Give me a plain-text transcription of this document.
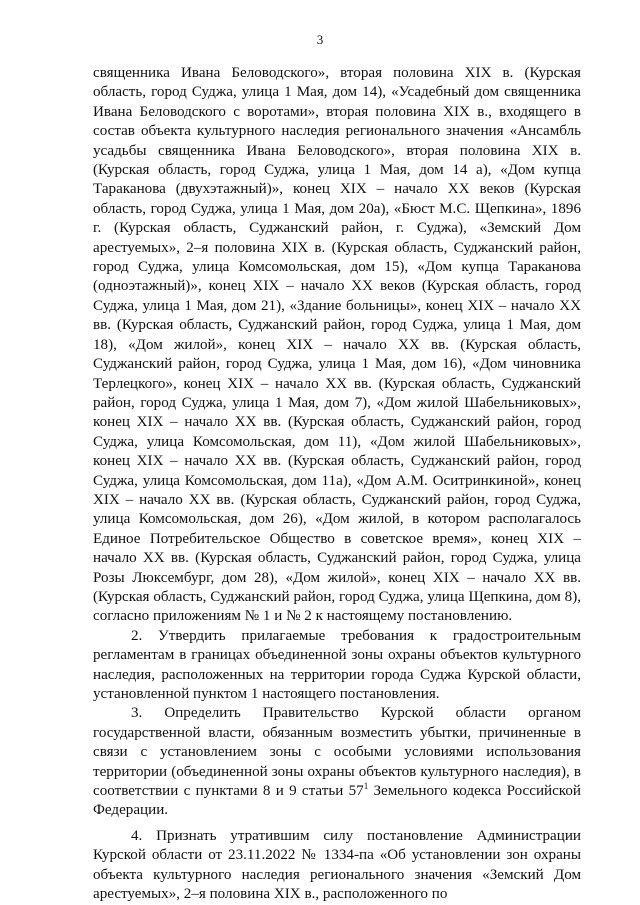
3

священника Ивана Беловодского», вторая половина XIX в. (Курская область, город Суджа, улица 1 Мая, дом 14), «Усадебный дом священника Ивана Беловодского с воротами», вторая половина XIX в., входящего в состав объекта культурного наследия регионального значения «Ансамбль усадьбы священника Ивана Беловодского», вторая половина XIX в. (Курская область, город Суджа, улица 1 Мая, дом 14 а), «Дом купца Тараканова (двухэтажный)», конец XIX – начало XX веков (Курская область, город Суджа, улица 1 Мая, дом 20а), «Бюст М.С. Щепкина», 1896 г. (Курская область, Суджанский район, г. Суджа), «Земский Дом арестуемых», 2–я половина XIX в. (Курская область, Суджанский район, город Суджа, улица Комсомольская, дом 15), «Дом купца Тараканова (одноэтажный)», конец XIX – начало XX веков (Курская область, город Суджа, улица 1 Мая, дом 21), «Здание больницы», конец XIX – начало XX вв. (Курская область, Суджанский район, город Суджа, улица 1 Мая, дом 18), «Дом жилой», конец XIX – начало XX вв. (Курская область, Суджанский район, город Суджа, улица 1 Мая, дом 16), «Дом чиновника Терлецкого», конец XIX – начало XX вв. (Курская область, Суджанский район, город Суджа, улица 1 Мая, дом 7), «Дом жилой Шабельниковых», конец XIX – начало XX вв. (Курская область, Суджанский район, город Суджа, улица Комсомольская, дом 11), «Дом жилой Шабельниковых», конец XIX – начало XX вв. (Курская область, Суджанский район, город Суджа, улица Комсомольская, дом 11а), «Дом А.М. Оситринкиной», конец XIX – начало XX вв. (Курская область, Суджанский район, город Суджа, улица Комсомольская, дом 26), «Дом жилой, в котором располагалось Единое Потребительское Общество в советское время», конец XIX – начало XX вв. (Курская область, Суджанский район, город Суджа, улица Розы Люксембург, дом 28), «Дом жилой», конец XIX – начало XX вв. (Курская область, Суджанский район, город Суджа, улица Щепкина, дом 8), согласно приложениям № 1 и № 2 к настоящему постановлению.

2. Утвердить прилагаемые требования к градостроительным регламентам в границах объединенной зоны охраны объектов культурного наследия, расположенных на территории города Суджа Курской области, установленной пунктом 1 настоящего постановления.

3. Определить Правительство Курской области органом государственной власти, обязанным возместить убытки, причиненные в связи с установлением зоны с особыми условиями использования территории (объединенной зоны охраны объектов культурного наследия), в соответствии с пунктами 8 и 9 статьи $57^1$ Земельного кодекса Российской Федерации.

4. Признать утратившим силу постановление Администрации Курской области от 23.11.2022 № 1334-па «Об установлении зон охраны объекта культурного наследия регионального значения «Земский Дом арестуемых», 2–я половина XIX в., расположенного по
